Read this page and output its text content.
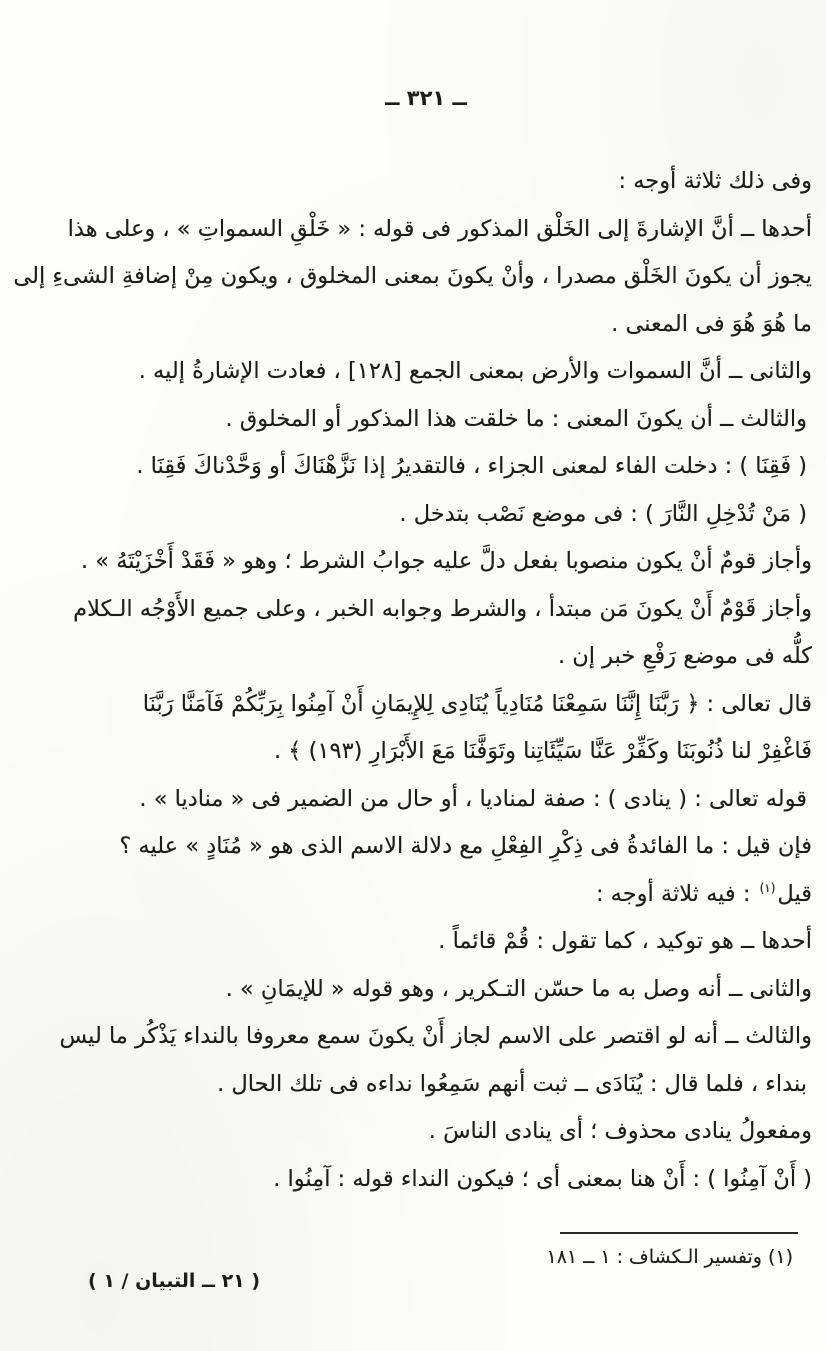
ــ ٣٢١ ــ
وفى ذلك ثلاثة أوجه :
أحدها ــ أنَّ الإشارةَ إلى الخَلْق المذكور فى قوله : « خَلْقِ السمواتِ » ، وعلى هذا
يجوز أن يكونَ الخَلْق مصدرا ، وأنْ يكونَ بمعنى المخلوق ، ويكون مِنْ إضافةِ الشىءِ إلى
ما هُوَ هُوَ فى المعنى .
والثانى ــ أنَّ السموات والأرض بمعنى الجمع [١٢٨] ، فعادت الإشارةُ إليه .
والثالث ــ أن يكونَ المعنى : ما خلقت هذا المذكور أو المخلوق .
( فَقِنَا ) : دخلت الفاء لمعنى الجزاء ، فالتقديرُ إذا نَزَّهْنَاكَ أو وَحَّدْناكَ فَقِنَا .
( مَنْ تُدْخِلِ النَّارَ ) : فى موضع نَصْب بتدخل .
وأجاز قومٌ أنْ يكون منصوبا بفعل دلَّ عليه جوابُ الشرط ؛ وهو « فَقَدْ أَخْزَيْتَهُ » .
وأجاز قَوْمٌ أَنْ يكونَ مَن مبتدأ ، والشرط وجوابه الخبر ، وعلى جميع الأَوْجُه الـكلام
كلُّه فى موضع رَفْعِ خبر إن .
قال تعالى : ﴿ رَبَّنَا إِنَّنَا سَمِعْنَا مُنَادِياً يُنَادِى لِلإِيمَانِ أَنْ آمِنُوا بِرَبِّكُمْ فَآمَنَّا رَبَّنَا
فَاغْفِرْ لنا ذُنُوبَنَا وكَفِّرْ عَنَّا سَيِّئَاتِنا وتَوَفَّنَا مَعَ الأَبْرَارِ (١٩٣) ﴾ .
قوله تعالى : ( ينادى ) : صفة لمناديا ، أو حال من الضمير فى « مناديا » .
فإن قيل : ما الفائدةُ فى ذِكْرِ الفِعْلِ مع دلالة الاسم الذى هو « مُنَادٍ » عليه ؟
قيل$^{(١)}$ : فيه ثلاثة أوجه :
أحدها ــ هو توكيد ، كما تقول : قُمْ قائماً .
والثانى ــ أنه وصل به ما حسّن التـكرير ، وهو قوله « للإيمَانِ » .
والثالث ــ أنه لو اقتصر على الاسم لجاز أَنْ يكونَ سمع معروفا بالنداء يَذْكُر ما ليس
بنداء ، فلما قال : يُنَادَى ــ ثبت أنهم سَمِعُوا نداءه فى تلك الحال .
ومفعولُ ينادى محذوف ؛ أى ينادى الناسَ .
( أَنْ آمِنُوا ) : أَنْ هنا بمعنى أى ؛ فيكون النداء قوله : آمِنُوا .
(١) وتفسير الـكشاف : ١ ــ ١٨١
( ٢١ ــ التبيان / ١ )
